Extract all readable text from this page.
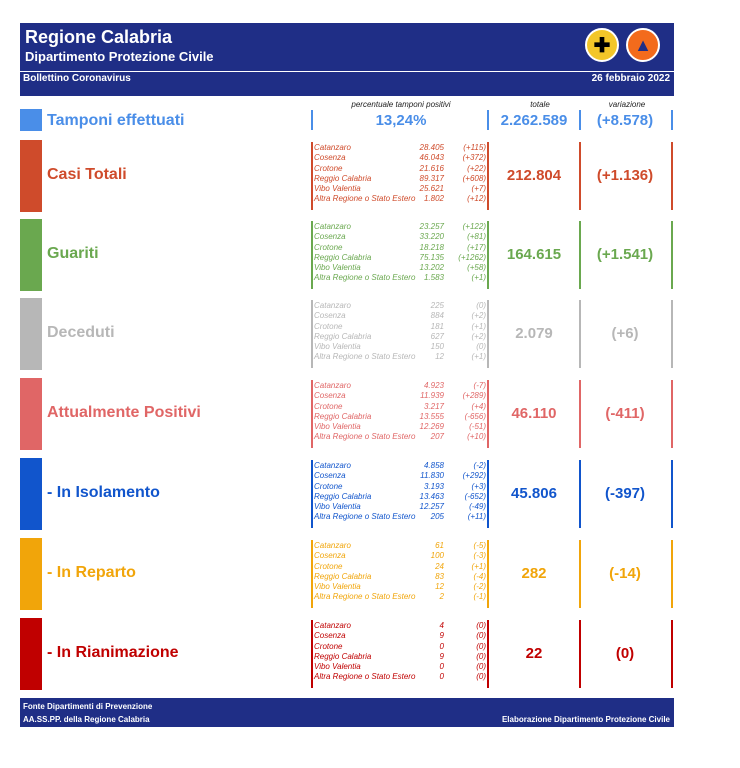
Regione Calabria
Dipartimento Protezione Civile	✚	▲
Bollettino Coronavirus	26 febbraio 2022
percentuale tamponi positivi	totale	variazione
Tamponi effettuati	13,24%	2.262.589	(+8.578)
Casi Totali
Catanzaro	28.405 (+115)
Cosenza	46.043 (+372)
Crotone	21.616	(+22)
Reggio Calabria	89.317 (+608)
Vibo Valentia	25.621	(+7)
Altra Regione o Stato Estero 1.802	(+12)
212.804	(+1.136)
Guariti
Catanzaro	23.257 (+122)
Cosenza	33.220	(+81)
Crotone	18.218	(+17)
Reggio Calabria	75.135 (+1262)
Vibo Valentia	13.202	(+58)
Altra Regione o Stato Estero 1.583	(+1)
164.615	(+1.541)
Deceduti
Catanzaro	225	(0)
Cosenza	884	(+2)
Crotone	181	(+1)
Reggio Calabria	627	(+2)
Vibo Valentia	150	(0)
Altra Regione o Stato Estero 12	(+1)
2.079	(+6)
Attualmente Positivi
Catanzaro	4.923	(-7)
Cosenza	11.939 (+289)
Crotone	3.217	(+4)
Reggio Calabria	13.555	(-656)
Vibo Valentia	12.269	(-51)
Altra Regione o Stato Estero 207	(+10)
46.110	(-411)
- In Isolamento
Catanzaro	4.858	(-2)
Cosenza	11.830 (+292)
Crotone	3.193	(+3)
Reggio Calabria	13.463	(-652)
Vibo Valentia	12.257	(-49)
Altra Regione o Stato Estero 205	(+11)
45.806	(-397)
- In Reparto
Catanzaro	61	(-5)
Cosenza	100	(-3)
Crotone	24	(+1)
Reggio Calabria	83	(-4)
Vibo Valentia	12	(-2)
Altra Regione o Stato Estero	2	(-1)
282	(-14)
- In Rianimazione
Catanzaro	4	(0)
Cosenza	9	(0)
Crotone	0	(0)
Reggio Calabria	9	(0)
Vibo Valentia	0	(0)
Altra Regione o Stato Estero	0	(0)
22	(0)
Fonte Dipartimenti di Prevenzione
AA.SS.PP. della Regione Calabria	Elaborazione Dipartimento Protezione Civile
